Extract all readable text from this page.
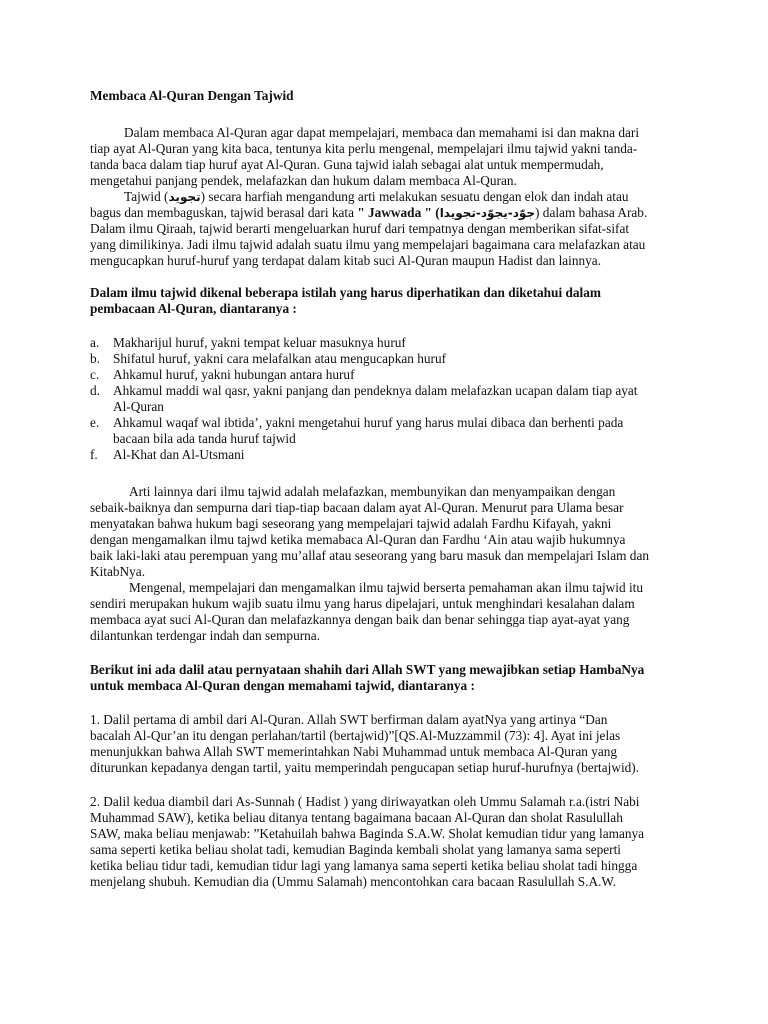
Membaca Al-Quran Dengan Tajwid

Dalam membaca Al-Quran agar dapat mempelajari, membaca dan memahami isi dan makna dari tiap ayat Al-Quran yang kita baca, tentunya kita perlu mengenal, mempelajari ilmu tajwid yakni tanda-tanda baca dalam tiap huruf ayat Al-Quran. Guna tajwid ialah sebagai alat untuk mempermudah, mengetahui panjang pendek, melafazkan dan hukum dalam membaca Al-Quran.

Tajwid (تجوید) secara harfiah mengandung arti melakukan sesuatu dengan elok dan indah atau bagus dan membaguskan, tajwid berasal dari kata " Jawwada " (جوّد-يجوّد-تجويدا) dalam bahasa Arab. Dalam ilmu Qiraah, tajwid berarti mengeluarkan huruf dari tempatnya dengan memberikan sifat-sifat yang dimilikinya. Jadi ilmu tajwid adalah suatu ilmu yang mempelajari bagaimana cara melafazkan atau mengucapkan huruf-huruf yang terdapat dalam kitab suci Al-Quran maupun Hadist dan lainnya.

Dalam ilmu tajwid dikenal beberapa istilah yang harus diperhatikan dan diketahui dalam pembacaan Al-Quran, diantaranya :

a.	Makharijul huruf, yakni tempat keluar masuknya huruf
b. Shifatul huruf, yakni cara melafalkan atau mengucapkan huruf
c.	Ahkamul huruf, yakni hubungan antara huruf
d. Ahkamul maddi wal qasr, yakni panjang dan pendeknya dalam melafazkan ucapan dalam tiap ayat Al-Quran
e.	Ahkamul waqaf wal ibtida’, yakni mengetahui huruf yang harus mulai dibaca dan berhenti pada bacaan bila ada tanda huruf tajwid
f.	Al-Khat dan Al-Utsmani

Arti lainnya dari ilmu tajwid adalah melafazkan, membunyikan dan menyampaikan dengan sebaik-baiknya dan sempurna dari tiap-tiap bacaan dalam ayat Al-Quran. Menurut para Ulama besar menyatakan bahwa hukum bagi seseorang yang mempelajari tajwid adalah Fardhu Kifayah, yakni dengan mengamalkan ilmu tajwd ketika memabaca Al-Quran dan Fardhu ‘Ain atau wajib hukumnya baik laki-laki atau perempuan yang mu’allaf atau seseorang yang baru masuk dan mempelajari Islam dan KitabNya.

Mengenal, mempelajari dan mengamalkan ilmu tajwid berserta pemahaman akan ilmu tajwid itu sendiri merupakan hukum wajib suatu ilmu yang harus dipelajari, untuk menghindari kesalahan dalam membaca ayat suci Al-Quran dan melafazkannya dengan baik dan benar sehingga tiap ayat-ayat yang dilantunkan terdengar indah dan sempurna.

Berikut ini ada dalil atau pernyataan shahih dari Allah SWT yang mewajibkan setiap HambaNya untuk membaca Al-Quran dengan memahami tajwid, diantaranya :

1. Dalil pertama di ambil dari Al-Quran. Allah SWT berfirman dalam ayatNya yang artinya “Dan bacalah Al-Qur’an itu dengan perlahan/tartil (bertajwid)”[QS.Al-Muzzammil (73): 4]. Ayat ini jelas menunjukkan bahwa Allah SWT memerintahkan Nabi Muhammad untuk membaca Al-Quran yang diturunkan kepadanya dengan tartil, yaitu memperindah pengucapan setiap huruf-hurufnya (bertajwid).

2. Dalil kedua diambil dari As-Sunnah ( Hadist ) yang diriwayatkan oleh Ummu Salamah r.a.(istri Nabi Muhammad SAW), ketika beliau ditanya tentang bagaimana bacaan Al-Quran dan sholat Rasulullah SAW, maka beliau menjawab: ”Ketahuilah bahwa Baginda S.A.W. Sholat kemudian tidur yang lamanya sama seperti ketika beliau sholat tadi, kemudian Baginda kembali sholat yang lamanya sama seperti ketika beliau tidur tadi, kemudian tidur lagi yang lamanya sama seperti ketika beliau sholat tadi hingga menjelang shubuh. Kemudian dia (Ummu Salamah) mencontohkan cara bacaan Rasulullah S.A.W.
